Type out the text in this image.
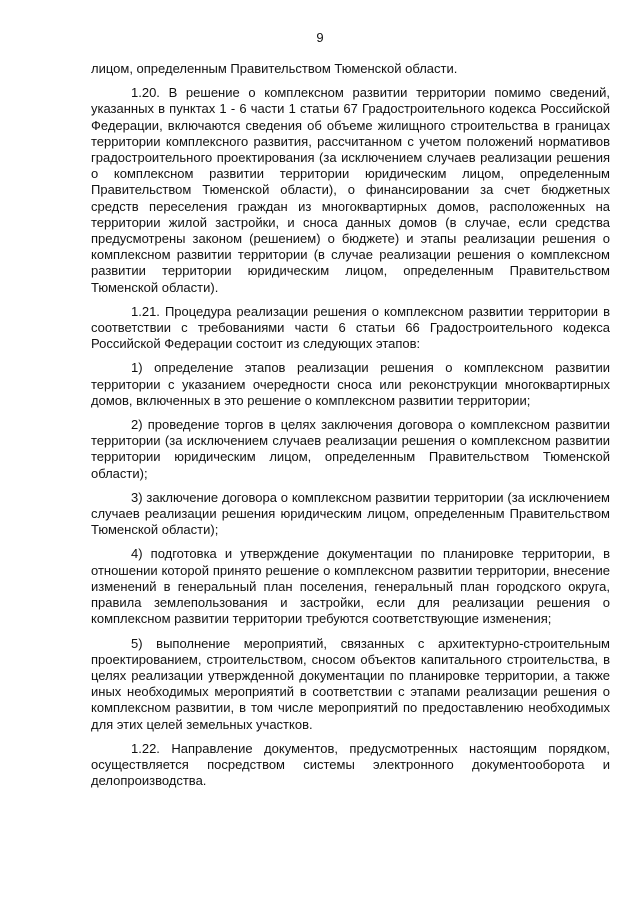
9

лицом, определенным Правительством Тюменской области.

1.20. В решение о комплексном развитии территории помимо сведений, указанных в пунктах 1 - 6 части 1 статьи 67 Градостроительного кодекса Российской Федерации, включаются сведения об объеме жилищного строительства в границах территории комплексного развития, рассчитанном с учетом положений нормативов градостроительного проектирования (за исключением случаев реализации решения о комплексном развитии территории юридическим лицом, определенным Правительством Тюменской области), о финансировании за счет бюджетных средств переселения граждан из многоквартирных домов, расположенных на территории жилой застройки, и сноса данных домов (в случае, если средства предусмотрены законом (решением) о бюджете) и этапы реализации решения о комплексном развитии территории (в случае реализации решения о комплексном развитии территории юридическим лицом, определенным Правительством Тюменской области).

1.21. Процедура реализации решения о комплексном развитии территории в соответствии с требованиями части 6 статьи 66 Градостроительного кодекса Российской Федерации состоит из следующих этапов:

1) определение этапов реализации решения о комплексном развитии территории с указанием очередности сноса или реконструкции многоквартирных домов, включенных в это решение о комплексном развитии территории;

2) проведение торгов в целях заключения договора о комплексном развитии территории (за исключением случаев реализации решения о комплексном развитии территории юридическим лицом, определенным Правительством Тюменской области);

3) заключение договора о комплексном развитии территории (за исключением случаев реализации решения юридическим лицом, определенным Правительством Тюменской области);

4) подготовка и утверждение документации по планировке территории, в отношении которой принято решение о комплексном развитии территории, внесение изменений в генеральный план поселения, генеральный план городского округа, правила землепользования и застройки, если для реализации решения о комплексном развитии территории требуются соответствующие изменения;

5) выполнение мероприятий, связанных с архитектурно-строительным проектированием, строительством, сносом объектов капитального строительства, в целях реализации утвержденной документации по планировке территории, а также иных необходимых мероприятий в соответствии с этапами реализации решения о комплексном развитии, в том числе мероприятий по предоставлению необходимых для этих целей земельных участков.

1.22. Направление документов, предусмотренных настоящим порядком, осуществляется посредством системы электронного документооборота и делопроизводства.
